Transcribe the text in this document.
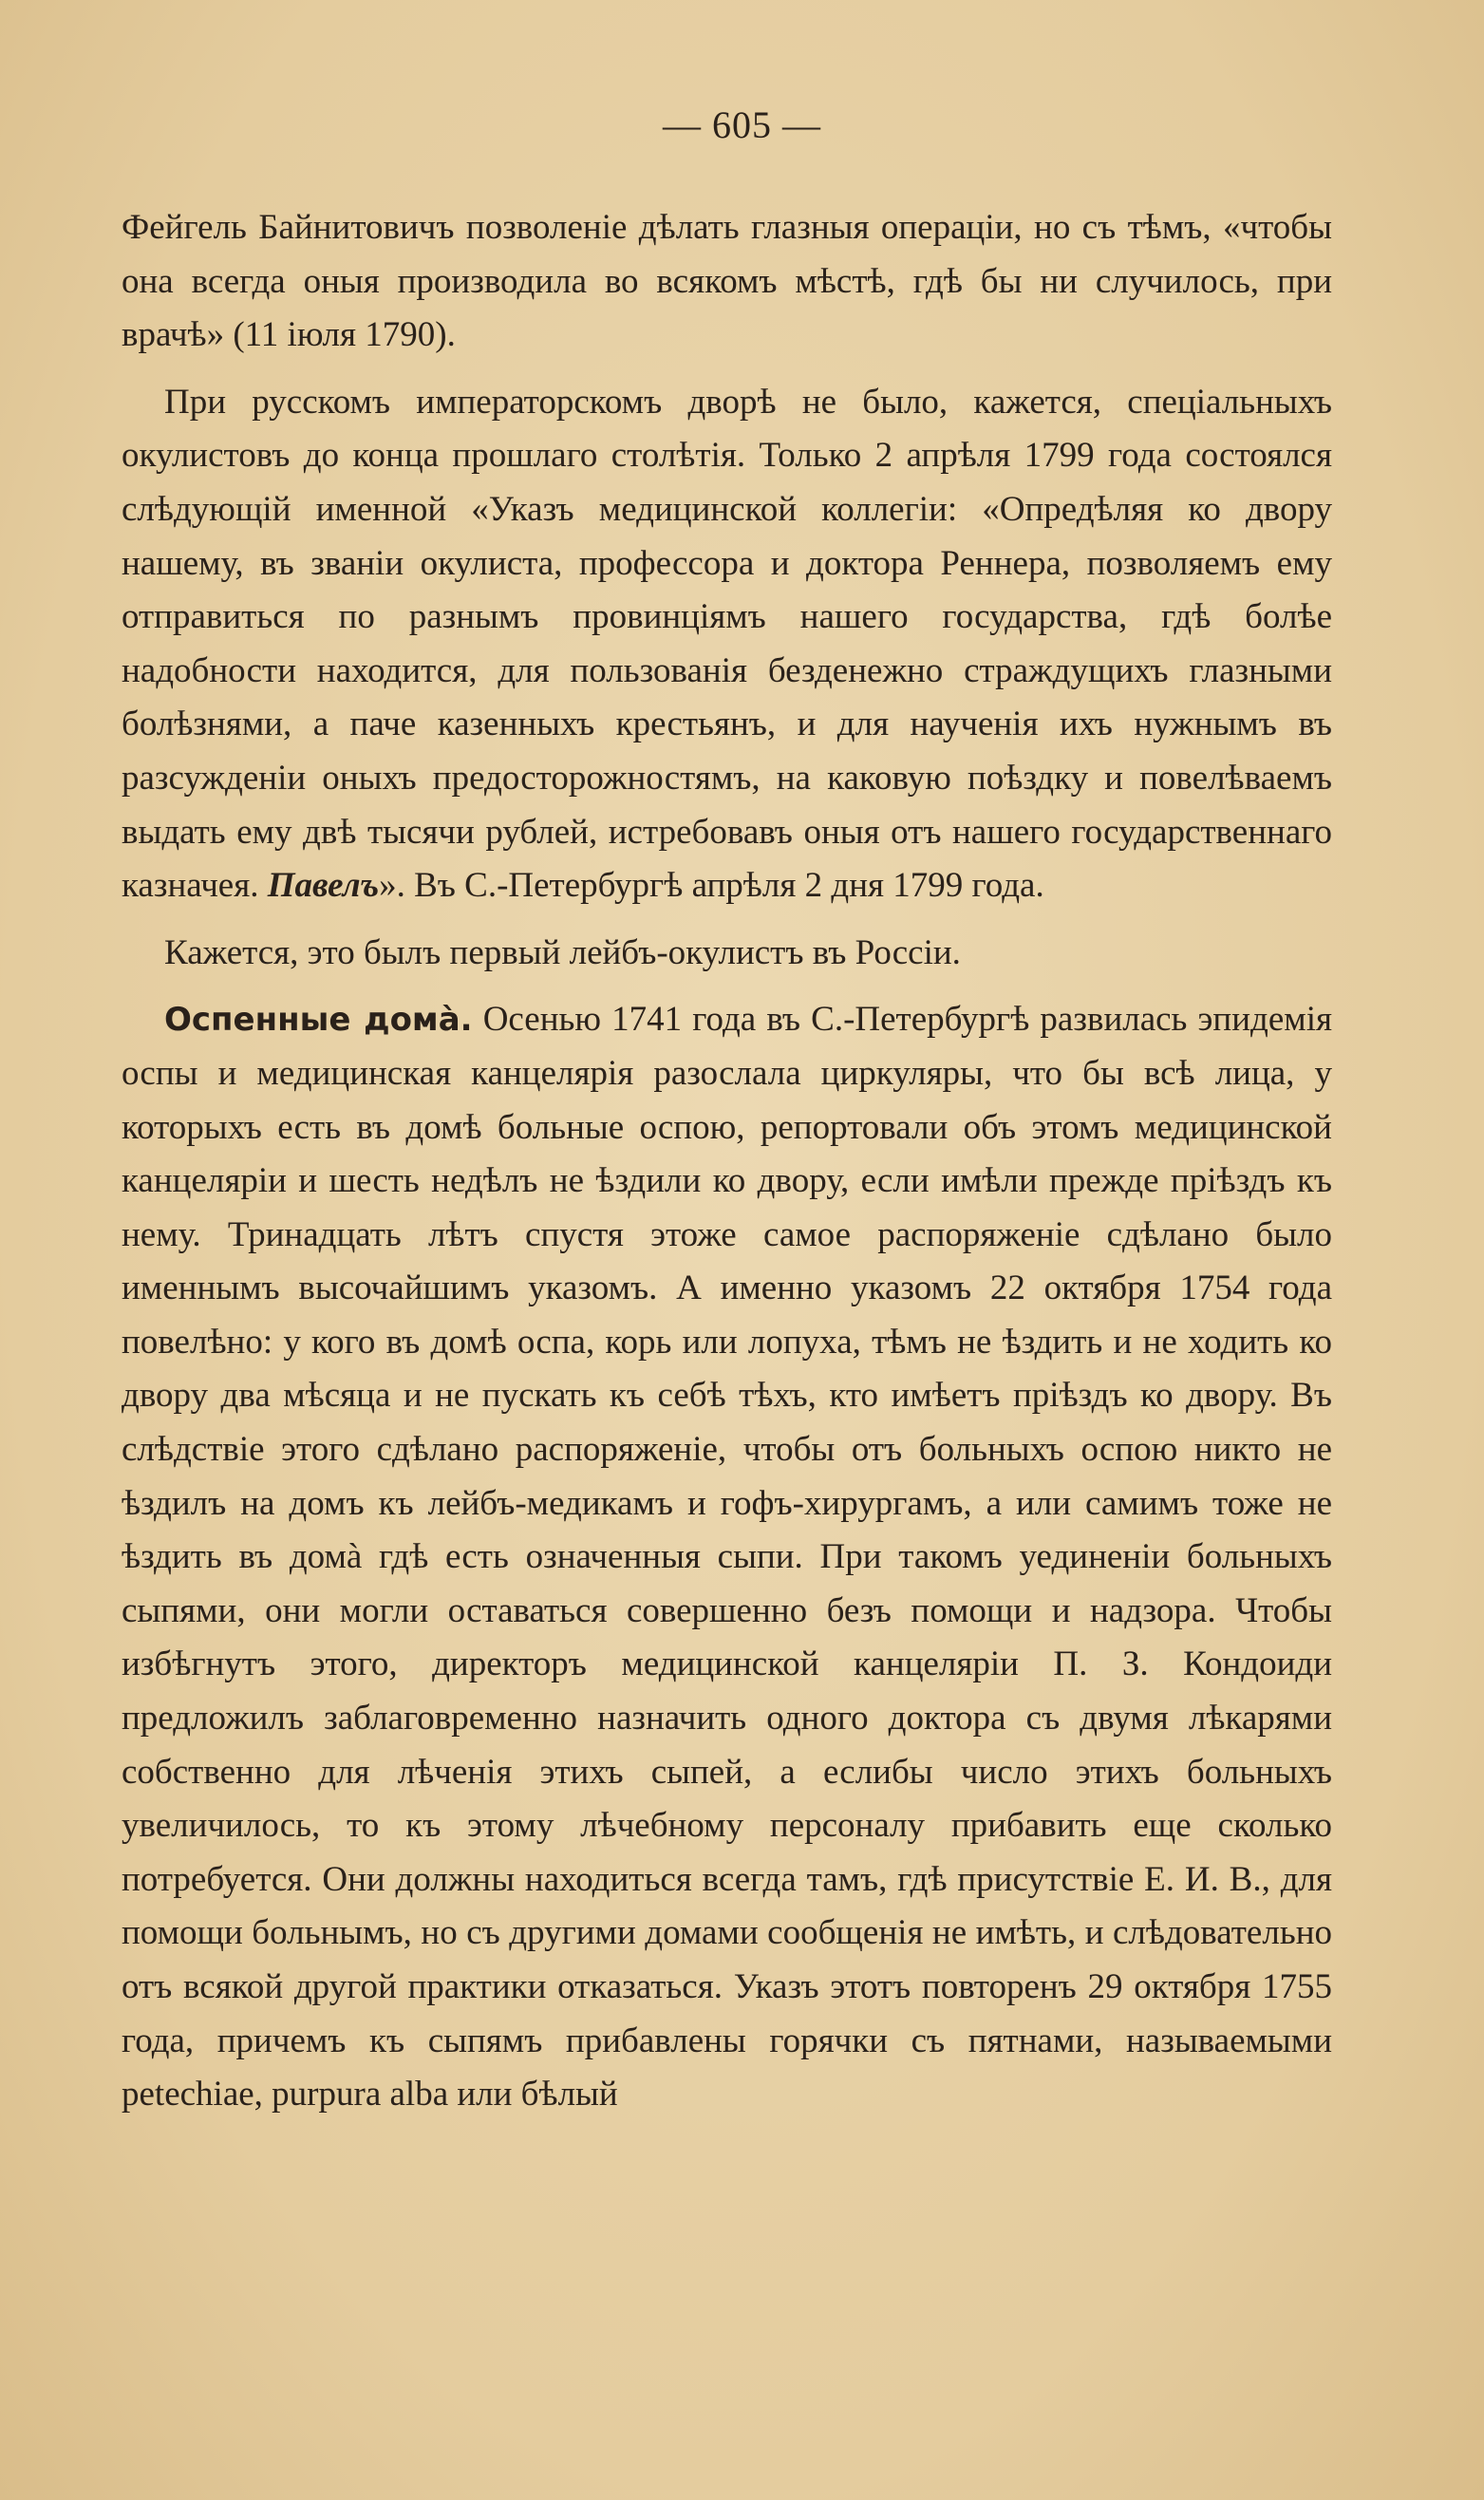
— 605 —

Фейгель Байнитовичъ позволенiе дѣлать глазныя операцiи, но съ тѣмъ, «чтобы она всегда оныя производила во всякомъ мѣстѣ, гдѣ бы ни случилось, при врачѣ» (11 iюля 1790).

При русскомъ императорскомъ дворѣ не было, кажется, спецiальныхъ окулистовъ до конца прошлаго столѣтiя. Только 2 апрѣля 1799 года состоялся слѣдующiй именной «Указъ медицинской коллегiи: «Опредѣляя ко двору нашему, въ званiи окулиста, профессора и доктора Реннера, позволяемъ ему отправиться по разнымъ провинцiямъ нашего государства, гдѣ болѣе надобности находится, для пользованiя безденежно страждущихъ глазными болѣзнями, а паче казенныхъ крестьянъ, и для наученiя ихъ нужнымъ въ разсужденiи оныхъ предосторожностямъ, на каковую поѣздку и повелѣваемъ выдать ему двѣ тысячи рублей, истребовавъ оныя отъ нашего государственнаго казначея. Павелъ». Въ С.-Петербургѣ апрѣля 2 дня 1799 года.

Кажется, это былъ первый лейбъ-окулистъ въ Россiи.

Оспенные домà. Осенью 1741 года въ С.-Петербургѣ развилась эпидемiя оспы и медицинская канцелярiя разослала циркуляры, что бы всѣ лица, у которыхъ есть въ домѣ больные оспою, репортовали объ этомъ медицинской канцелярiи и шесть недѣлъ не ѣздили ко двору, если имѣли прежде прiѣздъ къ нему. Тринадцать лѣтъ спустя этоже самое распоряженiе сдѣлано было именнымъ высочайшимъ указомъ. А именно указомъ 22 октября 1754 года повелѣно: у кого въ домѣ оспа, корь или лопуха, тѣмъ не ѣздить и не ходить ко двору два мѣсяца и не пускать къ себѣ тѣхъ, кто имѣетъ прiѣздъ ко двору. Въ слѣдствiе этого сдѣлано распоряженiе, чтобы отъ больныхъ оспою никто не ѣздилъ на домъ къ лейбъ-медикамъ и гофъ-хирургамъ, а или самимъ тоже не ѣздить въ домà гдѣ есть означенныя сыпи. При такомъ уединенiи больныхъ сыпями, они могли оставаться совершенно безъ помощи и надзора. Чтобы избѣгнутъ этого, директоръ медицинской канцелярiи П. З. Кондоиди предложилъ заблаговременно назначить одного доктора съ двумя лѣкарями собственно для лѣченiя этихъ сыпей, а еслибы число этихъ больныхъ увеличилось, то къ этому лѣчебному персоналу прибавить еще сколько потребуется. Они должны находиться всегда тамъ, гдѣ присутствiе Е. И. В., для помощи больнымъ, но съ другими домами сообщенiя не имѣть, и слѣдовательно отъ всякой другой практики отказаться. Указъ этотъ повторенъ 29 октября 1755 года, причемъ къ сыпямъ прибавлены горячки съ пятнами, называемыми petechiae, purpura alba или бѣлый
